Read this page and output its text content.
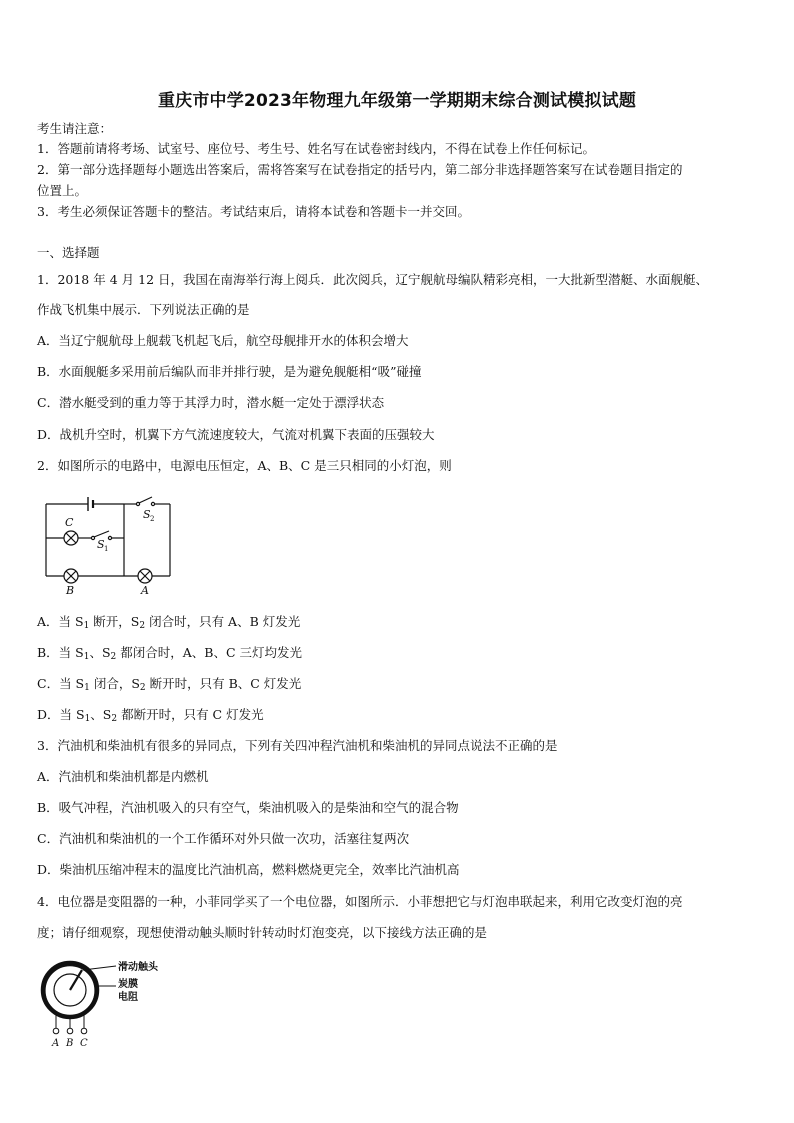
重庆市中学2023年物理九年级第一学期期末综合测试模拟试题
考生请注意：
1．答题前请将考场、试室号、座位号、考生号、姓名写在试卷密封线内，不得在试卷上作任何标记。
2．第一部分选择题每小题选出答案后，需将答案写在试卷指定的括号内，第二部分非选择题答案写在试卷题目指定的
位置上。
3．考生必须保证答题卡的整洁。考试结束后，请将本试卷和答题卡一并交回。
一、选择题
1．2018 年 4 月 12 日，我国在南海举行海上阅兵．此次阅兵，辽宁舰航母编队精彩亮相，一大批新型潜艇、水面舰艇、
作战飞机集中展示．下列说法正确的是
A．当辽宁舰航母上舰载飞机起飞后，航空母舰排开水的体积会增大
B．水面舰艇多采用前后编队而非并排行驶，是为避免舰艇相“吸”碰撞
C．潜水艇受到的重力等于其浮力时，潜水艇一定处于漂浮状态
D．战机升空时，机翼下方气流速度较大，气流对机翼下表面的压强较大
2．如图所示的电路中，电源电压恒定，A、B、C 是三只相同的小灯泡，则
C
S 1
S 2
B	A
A．当 $S_1$ 断开，$S_2$ 闭合时，只有 A、B 灯发光
B．当 $S_1$、$S_2$ 都闭合时，A、B、C 三灯均发光
C．当 $S_1$ 闭合，$S_2$ 断开时，只有 B、C 灯发光
D．当 $S_1$、$S_2$ 都断开时，只有 C 灯发光
3．汽油机和柴油机有很多的异同点，下列有关四冲程汽油机和柴油机的异同点说法不正确的是
A．汽油机和柴油机都是内燃机
B．吸气冲程，汽油机吸入的只有空气，柴油机吸入的是柴油和空气的混合物
C．汽油机和柴油机的一个工作循环对外只做一次功，活塞往复两次
D．柴油机压缩冲程末的温度比汽油机高，燃料燃烧更完全，效率比汽油机高
4．电位器是变阻器的一种，小菲同学买了一个电位器，如图所示．小菲想把它与灯泡串联起来，利用它改变灯泡的亮
度；请仔细观察，现想使滑动触头顺时针转动时灯泡变亮，以下接线方法正确的是
滑动触头
炭膜
电阻
A B C
